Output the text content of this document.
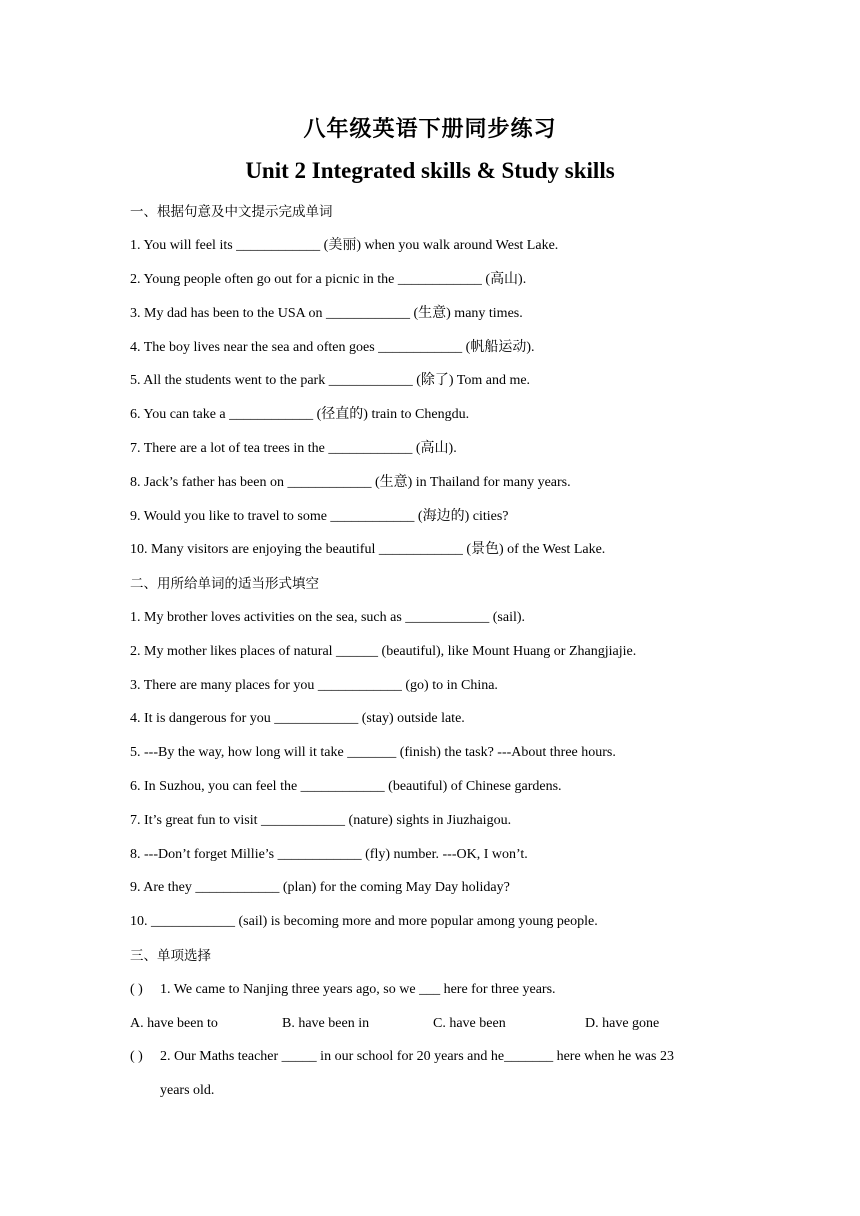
八年级英语下册同步练习
Unit 2 Integrated skills & Study skills
一、根据句意及中文提示完成单词
1. You will feel its ____________ (美丽) when you walk around West Lake.
2. Young people often go out for a picnic in the ____________ (高山).
3. My dad has been to the USA on ____________ (生意) many times.
4. The boy lives near the sea and often goes ____________ (帆船运动).
5. All the students went to the park ____________ (除了) Tom and me.
6. You can take a ____________ (径直的) train to Chengdu.
7. There are a lot of tea trees in the ____________ (高山).
8. Jack’s father has been on ____________ (生意) in Thailand for many years.
9. Would you like to travel to some ____________ (海边的) cities?
10. Many visitors are enjoying the beautiful ____________ (景色) of the West Lake.
二、用所给单词的适当形式填空
1. My brother loves activities on the sea, such as ____________ (sail).
2. My mother likes places of natural ______ (beautiful), like Mount Huang or Zhangjiajie.
3. There are many places for you ____________ (go) to in China.
4. It is dangerous for you ____________ (stay) outside late.
5. ---By the way, how long will it take _______ (finish) the task? ---About three hours.
6. In Suzhou, you can feel the ____________ (beautiful) of Chinese gardens.
7. It’s great fun to visit ____________ (nature) sights in Jiuzhaigou.
8. ---Don’t forget Millie’s ____________ (fly) number. ---OK, I won’t.
9. Are they ____________ (plan) for the coming May Day holiday?
10. ____________ (sail) is becoming more and more popular among young people.
三、单项选择
( ) 1. We came to Nanjing three years ago, so we ___ here for three years.
A. have been to	B. have been in	C. have been	D. have gone
( ) 2. Our Maths teacher _____ in our school for 20 years and he_______ here when he was 23
years old.
